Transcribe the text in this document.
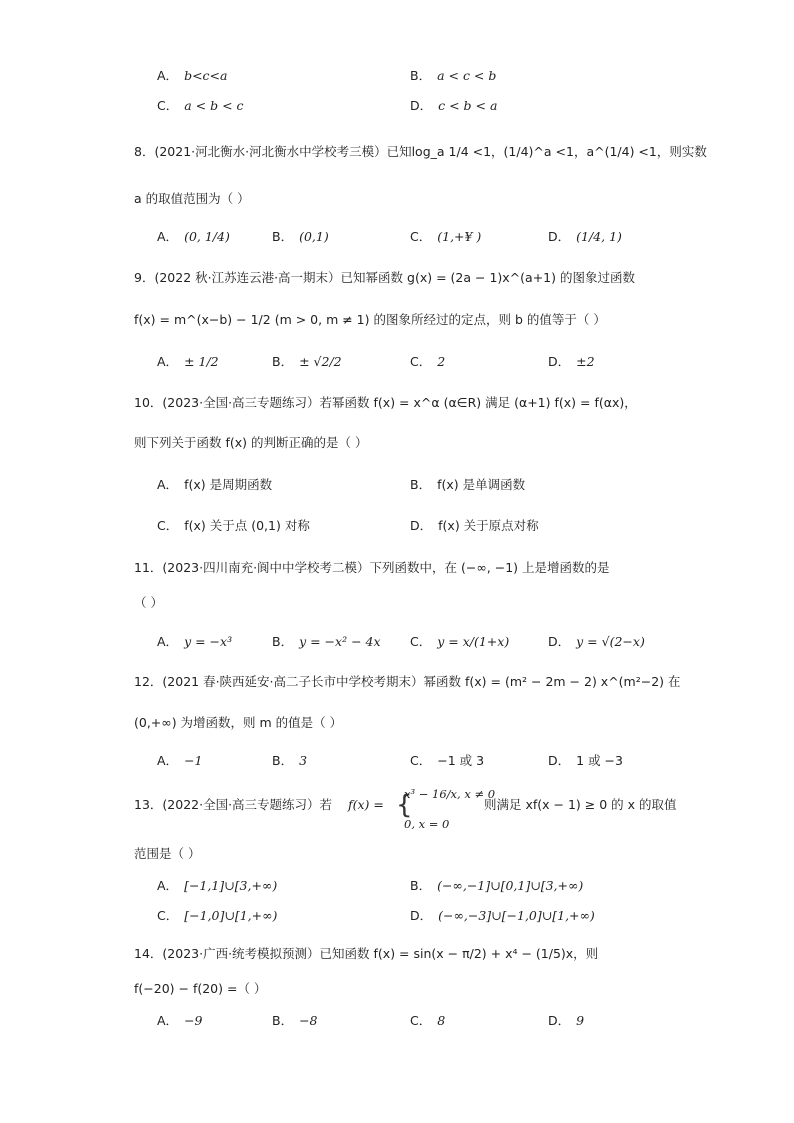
A． b<c<a	B． a < c < b
C． a < b < c	D． c < b < a
8．(2021·河北衡水·河北衡水中学校考三模）已知log_a 1/4 <1，(1/4)^a <1，a^(1/4) <1，则实数
a 的取值范围为（ ）
A． (0, 1/4)	B． (0,1)	C． (1,+¥ )	D． (1/4, 1)
9．(2022 秋·江苏连云港·高一期末）已知幂函数 g(x) = (2a − 1)x^(a+1) 的图象过函数
f(x) = m^(x−b) − 1/2 (m > 0, m ≠ 1) 的图象所经过的定点，则 b 的值等于（ ）
A． ± 1/2	B． ± √2/2	C． 2	D． ±2
10．(2023·全国·高三专题练习）若幂函数 f(x) = x^α (α∈R) 满足 (α+1) f(x) = f(αx)，
则下列关于函数 f(x) 的判断正确的是（ ）
A． f(x) 是周期函数	B． f(x) 是单调函数
C． f(x) 关于点 (0,1) 对称	D． f(x) 关于原点对称
11．(2023·四川南充·阆中中学校考二模）下列函数中，在 (−∞, −1) 上是增函数的是
（ ）
A． y = −x³	B． y = −x² − 4x C． y = x/(1+x)	D． y = √(2−x)
12．(2021 春·陕西延安·高二子长市中学校考期末）幂函数 f(x) = (m² − 2m − 2) x^(m²−2) 在
(0,+∞) 为增函数，则 m 的值是（ ）
A． −1	B． 3	C． −1 或 3	D． 1 或 −3
13．(2022·全国·高三专题练习）若 f(x) = {
x³ − 16/x, x ≠ 0
0, x = 0
则满足 xf(x − 1) ≥ 0 的 x 的取值
范围是（ ）
A． [−1,1]∪[3,+∞)	B． (−∞,−1]∪[0,1]∪[3,+∞)
C． [−1,0]∪[1,+∞)	D． (−∞,−3]∪[−1,0]∪[1,+∞)
14．(2023·广西·统考模拟预测）已知函数 f(x) = sin(x − π/2) + x⁴ − (1/5)x，则
f(−20) − f(20) =（ ）
A． −9	B． −8	C． 8	D． 9
